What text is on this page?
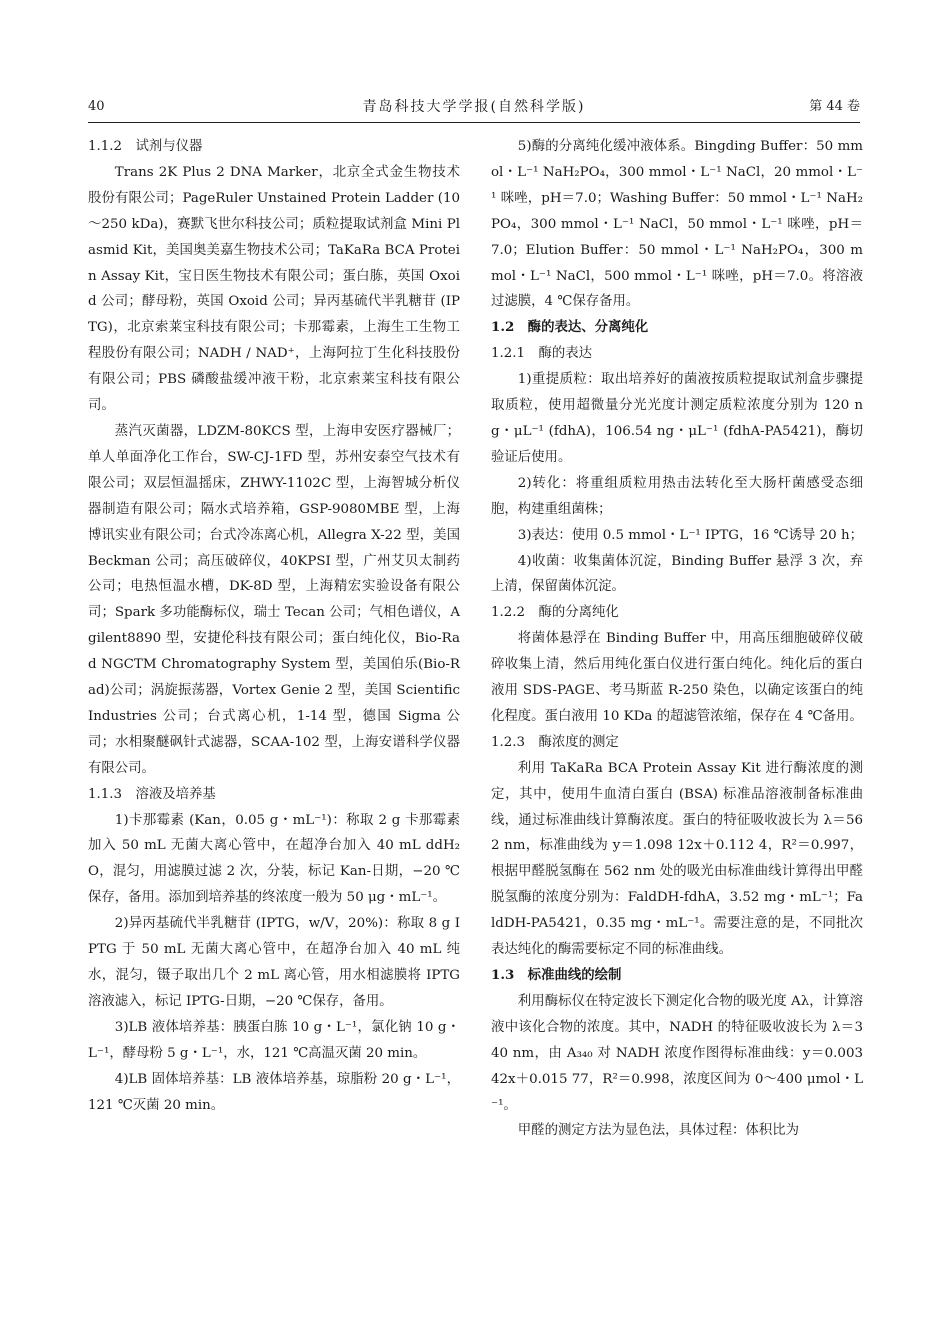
40	青岛科技大学学报(自然科学版)	第 44 卷
1.1.2　试剂与仪器

Trans 2K Plus 2 DNA Marker，北京全式金生物技术股份有限公司；PageRuler Unstained Protein Ladder (10～250 kDa)，赛默飞世尔科技公司；质粒提取试剂盒 Mini Plasmid Kit，美国奥美嘉生物技术公司；TaKaRa BCA Protein Assay Kit，宝日医生物技术有限公司；蛋白胨，英国 Oxoid 公司；酵母粉，英国 Oxoid 公司；异丙基硫代半乳糖苷 (IPTG)，北京索莱宝科技有限公司；卡那霉素，上海生工生物工程股份有限公司；NADH / NAD⁺，上海阿拉丁生化科技股份有限公司；PBS 磷酸盐缓冲液干粉，北京索莱宝科技有限公司。

蒸汽灭菌器，LDZM-80KCS 型，上海申安医疗器械厂；单人单面净化工作台，SW-CJ-1FD 型，苏州安泰空气技术有限公司；双层恒温摇床，ZHWY-1102C 型，上海智城分析仪器制造有限公司；隔水式培养箱，GSP-9080MBE 型，上海博讯实业有限公司；台式冷冻离心机，Allegra X-22 型，美国 Beckman 公司；高压破碎仪，40KPSI 型，广州艾贝太制药公司；电热恒温水槽，DK-8D 型，上海精宏实验设备有限公司；Spark 多功能酶标仪，瑞士 Tecan 公司；气相色谱仪，Agilent8890 型，安捷伦科技有限公司；蛋白纯化仪，Bio-Rad NGCTM Chromatography System 型，美国伯乐(Bio-Rad)公司；涡旋振荡器，Vortex Genie 2 型，美国 Scientific Industries 公司；台式离心机，1-14 型，德国 Sigma 公司；水相聚醚砜针式滤器，SCAA-102 型，上海安谱科学仪器有限公司。

1.1.3　溶液及培养基

1)卡那霉素 (Kan，0.05 g・mL⁻¹)：称取 2 g 卡那霉素加入 50 mL 无菌大离心管中，在超净台加入 40 mL ddH₂O，混匀，用滤膜过滤 2 次，分装，标记 Kan-日期，−20 ℃保存，备用。添加到培养基的终浓度一般为 50 μg・mL⁻¹。

2)异丙基硫代半乳糖苷 (IPTG，w/V，20%)：称取 8 g IPTG 于 50 mL 无菌大离心管中，在超净台加入 40 mL 纯水，混匀，镊子取出几个 2 mL 离心管，用水相滤膜将 IPTG 溶液滤入，标记 IPTG-日期，−20 ℃保存，备用。

3)LB 液体培养基：胰蛋白胨 10 g・L⁻¹，氯化钠 10 g・L⁻¹，酵母粉 5 g・L⁻¹，水，121 ℃高温灭菌 20 min。

4)LB 固体培养基：LB 液体培养基，琼脂粉 20 g・L⁻¹，121 ℃灭菌 20 min。

5)酶的分离纯化缓冲液体系。Bingding Buffer：50 mmol・L⁻¹ NaH₂PO₄，300 mmol・L⁻¹ NaCl，20 mmol・L⁻¹ 咪唑，pH＝7.0；Washing Buffer：50 mmol・L⁻¹ NaH₂PO₄，300 mmol・L⁻¹ NaCl，50 mmol・L⁻¹ 咪唑，pH＝7.0；Elution Buffer：50 mmol・L⁻¹ NaH₂PO₄，300 mmol・L⁻¹ NaCl，500 mmol・L⁻¹ 咪唑，pH＝7.0。将溶液过滤膜，4 ℃保存备用。

1.2　酶的表达、分离纯化
1.2.1　酶的表达

1)重提质粒：取出培养好的菌液按质粒提取试剂盒步骤提取质粒，使用超微量分光光度计测定质粒浓度分别为 120 ng・μL⁻¹ (fdhA)，106.54 ng・μL⁻¹ (fdhA-PA5421)，酶切验证后使用。

2)转化：将重组质粒用热击法转化至大肠杆菌感受态细胞，构建重组菌株；

3)表达：使用 0.5 mmol・L⁻¹ IPTG，16 ℃诱导 20 h；

4)收菌：收集菌体沉淀，Binding Buffer 悬浮 3 次，弃上清，保留菌体沉淀。

1.2.2　酶的分离纯化

将菌体悬浮在 Binding Buffer 中，用高压细胞破碎仪破碎收集上清，然后用纯化蛋白仪进行蛋白纯化。纯化后的蛋白液用 SDS-PAGE、考马斯蓝 R-250 染色，以确定该蛋白的纯化程度。蛋白液用 10 KDa 的超滤管浓缩，保存在 4 ℃备用。

1.2.3　酶浓度的测定

利用 TaKaRa BCA Protein Assay Kit 进行酶浓度的测定，其中，使用牛血清白蛋白 (BSA) 标准品溶液制备标准曲线，通过标准曲线计算酶浓度。蛋白的特征吸收波长为 λ＝562 nm，标准曲线为 y＝1.098 12x＋0.112 4，R²＝0.997，根据甲醛脱氢酶在 562 nm 处的吸光由标准曲线计算得出甲醛脱氢酶的浓度分别为：FaldDH-fdhA，3.52 mg・mL⁻¹；FaldDH-PA5421，0.35 mg・mL⁻¹。需要注意的是，不同批次表达纯化的酶需要标定不同的标准曲线。

1.3　标准曲线的绘制

利用酶标仪在特定波长下测定化合物的吸光度 Aλ，计算溶液中该化合物的浓度。其中，NADH 的特征吸收波长为 λ＝340 nm，由 A₃₄₀ 对 NADH 浓度作图得标准曲线：y＝0.003 42x＋0.015 77，R²＝0.998，浓度区间为 0～400 μmol・L⁻¹。

甲醛的测定方法为显色法，具体过程：体积比为
